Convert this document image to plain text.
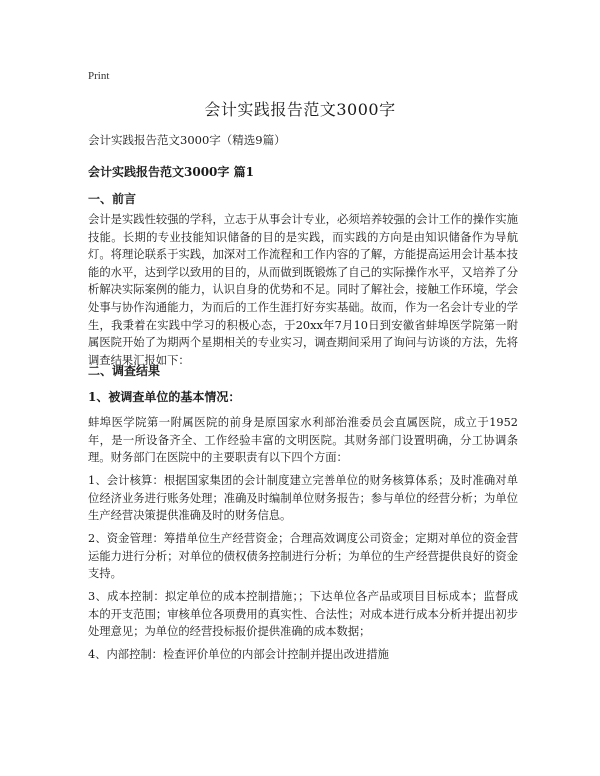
Print
会计实践报告范文3000字
会计实践报告范文3000字（精选9篇）
会计实践报告范文3000字 篇1
一、前言
会计是实践性较强的学科，立志于从事会计专业，必须培养较强的会计工作的操作实施技能。长期的专业技能知识储备的目的是实践，而实践的方向是由知识储备作为导航灯。将理论联系于实践，加深对工作流程和工作内容的了解，方能提高运用会计基本技能的水平，达到学以致用的目的，从而做到既锻炼了自己的实际操作水平，又培养了分析解决实际案例的能力，认识自身的优势和不足。同时了解社会，接触工作环境，学会处事与协作沟通能力，为而后的工作生涯打好夯实基础。故而，作为一名会计专业的学生，我秉着在实践中学习的积极心态，于20xx年7月10日到安徽省蚌埠医学院第一附属医院开始了为期两个星期相关的专业实习，调查期间采用了询问与访谈的方法，先将调查结果汇报如下：
二、调查结果
1、被调查单位的基本情况：
蚌埠医学院第一附属医院的前身是原国家水利部治淮委员会直属医院，成立于1952年，是一所设备齐全、工作经验丰富的文明医院。其财务部门设置明确，分工协调条理。财务部门在医院中的主要职责有以下四个方面：
1、会计核算：根据国家集团的会计制度建立完善单位的财务核算体系；及时准确对单位经济业务进行账务处理；准确及时编制单位财务报告；参与单位的经营分析；为单位生产经营决策提供准确及时的财务信息。
2、资金管理：筹措单位生产经营资金；合理高效调度公司资金；定期对单位的资金营运能力进行分析；对单位的债权债务控制进行分析；为单位的生产经营提供良好的资金支持。
3、成本控制：拟定单位的成本控制措施；；下达单位各产品或项目目标成本；监督成本的开支范围；审核单位各项费用的真实性、合法性；对成本进行成本分析并提出初步处理意见；为单位的经营投标报价提供准确的成本数据；
4、内部控制：检查评价单位的内部会计控制并提出改进措施
